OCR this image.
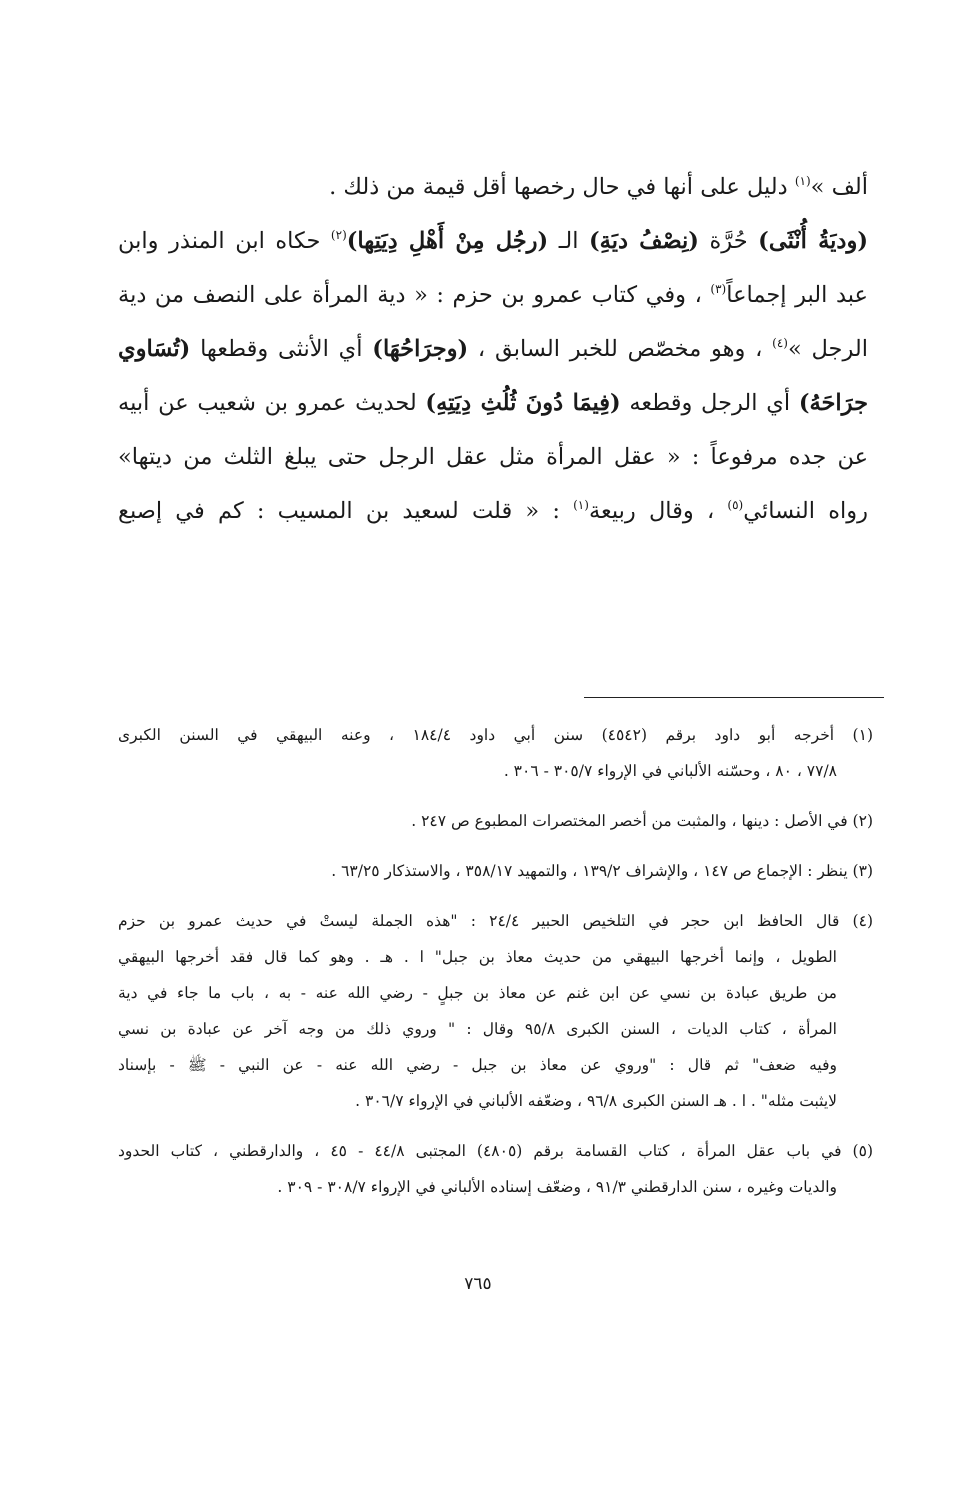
ألف »$^{(١)}$ دليل على أنها في حال رخصها أقل قيمة من ذلك .
(وديَةُ أُنْثَى) حُرَّة (نِصْفُ ديَةِ) الـ (رجُل مِنْ أَهْلِ دِيَتِها)$^{(٢)}$ حكاه ابن المنذر وابن
عبد البر إجماعاً$^{(٣)}$ ، وفي كتاب عمرو بن حزم : « دية المرأة على النصف من دية
الرجل »$^{(٤)}$ ، وهو مخصّص للخبر السابق ، (وجرَاحُهَا) أي الأنثى وقطعها (تُسَاوي
جرَاحَهُ) أي الرجل وقطعه (فِيمَا دُونَ ثُلُثِ دِيَتِهِ) لحديث عمرو بن شعيب عن أبيه
عن جده مرفوعاً : « عقل المرأة مثل عقل الرجل حتى يبلغ الثلث من ديتها»
رواه النسائي$^{(٥)}$ ، وقال ربيعة$^{(١)}$ : « قلت لسعيد بن المسيب : كم في إصبع
(١) أخرجه أبو داود برقم (٤٥٤٢) سنن أبي داود ١٨٤/٤ ، وعنه البيهقي في السنن الكبرى
٧٧/٨ ، ٨٠ ، وحسّنه الألباني في الإرواء ٣٠٥/٧ - ٣٠٦ .
(٢) في الأصل : دينها ، والمثبت من أخصر المختصرات المطبوع ص ٢٤٧ .
(٣) ينظر : الإجماع ص ١٤٧ ، والإشراف ١٣٩/٢ ، والتمهيد ٣٥٨/١٧ ، والاستذكار ٦٣/٢٥ .
(٤) قال الحافظ ابن حجر في التلخيص الحبير ٢٤/٤ : "هذه الجملة ليستْ في حديث عمرو بن حزم
الطويل ، وإنما أخرجها البيهقي من حديث معاذ بن جبل" ا . هـ . وهو كما قال فقد أخرجها البيهقي
من طريق عبادة بن نسي عن ابن غنم عن معاذ بن جبلٍ - رضي الله عنه - به ، باب ما جاء في دية
المرأة ، كتاب الديات ، السنن الكبرى ٩٥/٨ وقال : " وروي ذلك من وجه آخر عن عبادة بن نسي
وفيه ضعف" ثم قال : "وروي عن معاذ بن جبل - رضي الله عنه - عن النبي - ﷺ - بإسناد
لايثبت مثله" . ا . هـ السنن الكبرى ٩٦/٨ ، وضعّفه الألباني في الإرواء ٣٠٦/٧ .
(٥) في باب عقل المرأة ، كتاب القسامة برقم (٤٨٠٥) المجتبى ٤٤/٨ - ٤٥ ، والدارقطني ، كتاب الحدود
والديات وغيره ، سنن الدارقطني ٩١/٣ ، وضعّف إسناده الألباني في الإرواء ٣٠٨/٧ - ٣٠٩ .
٧٦٥
